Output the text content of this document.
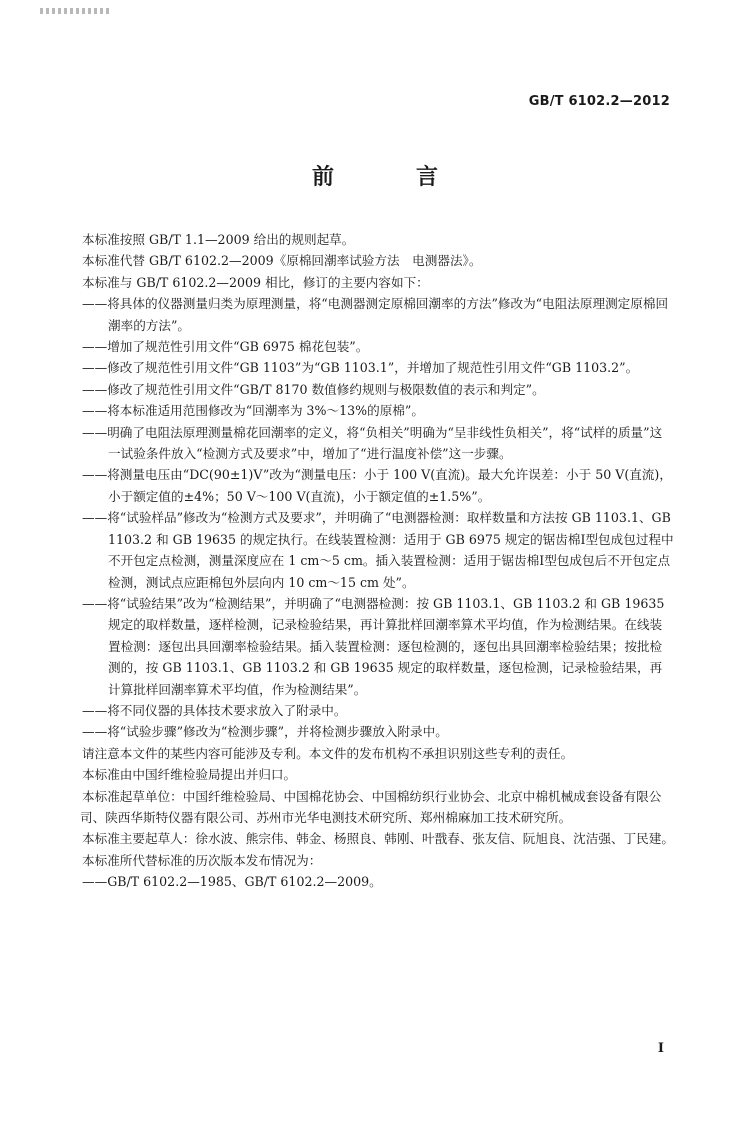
GB/T 6102.2—2012
前　言

本标准按照 GB/T 1.1—2009 给出的规则起草。

本标准代替 GB/T 6102.2—2009《原棉回潮率试验方法　电测器法》。

本标准与 GB/T 6102.2—2009 相比，修订的主要内容如下：

——将具体的仪器测量归类为原理测量，将“电测器测定原棉回潮率的方法”修改为“电阻法原理测定原棉回潮率的方法”。

——增加了规范性引用文件“GB 6975 棉花包装”。

——修改了规范性引用文件“GB 1103”为“GB 1103.1”，并增加了规范性引用文件“GB 1103.2”。

——修改了规范性引用文件“GB/T 8170 数值修约规则与极限数值的表示和判定”。

——将本标准适用范围修改为“回潮率为 3%～13%的原棉”。

——明确了电阻法原理测量棉花回潮率的定义，将“负相关”明确为“呈非线性负相关”，将“试样的质量”这一试验条件放入“检测方式及要求”中，增加了“进行温度补偿”这一步骤。

——将测量电压由“DC(90±1)V”改为“测量电压：小于 100 V(直流)。最大允许误差：小于 50 V(直流)，小于额定值的±4%；50 V～100 V(直流)，小于额定值的±1.5%”。

——将“试验样品”修改为“检测方式及要求”，并明确了“电测器检测：取样数量和方法按 GB 1103.1、GB 1103.2 和 GB 19635 的规定执行。在线装置检测：适用于 GB 6975 规定的锯齿棉Ⅰ型包成包过程中不开包定点检测，测量深度应在 1 cm～5 cm。插入装置检测：适用于锯齿棉Ⅰ型包成包后不开包定点检测，测试点应距棉包外层向内 10 cm～15 cm 处”。

——将“试验结果”改为“检测结果”，并明确了“电测器检测：按 GB 1103.1、GB 1103.2 和 GB 19635 规定的取样数量，逐样检测，记录检验结果，再计算批样回潮率算术平均值，作为检测结果。在线装置检测：逐包出具回潮率检验结果。插入装置检测：逐包检测的，逐包出具回潮率检验结果；按批检测的，按 GB 1103.1、GB 1103.2 和 GB 19635 规定的取样数量，逐包检测，记录检验结果，再计算批样回潮率算术平均值，作为检测结果”。

——将不同仪器的具体技术要求放入了附录中。

——将“试验步骤”修改为“检测步骤”，并将检测步骤放入附录中。

请注意本文件的某些内容可能涉及专利。本文件的发布机构不承担识别这些专利的责任。

本标准由中国纤维检验局提出并归口。

本标准起草单位：中国纤维检验局、中国棉花协会、中国棉纺织行业协会、北京中棉机械成套设备有限公司、陕西华斯特仪器有限公司、苏州市光华电测技术研究所、郑州棉麻加工技术研究所。

本标准主要起草人：徐水波、熊宗伟、韩金、杨照良、韩刚、叶戬春、张友信、阮旭良、沈洁强、丁民建。

本标准所代替标准的历次版本发布情况为：

——GB/T 6102.2—1985、GB/T 6102.2—2009。

I
